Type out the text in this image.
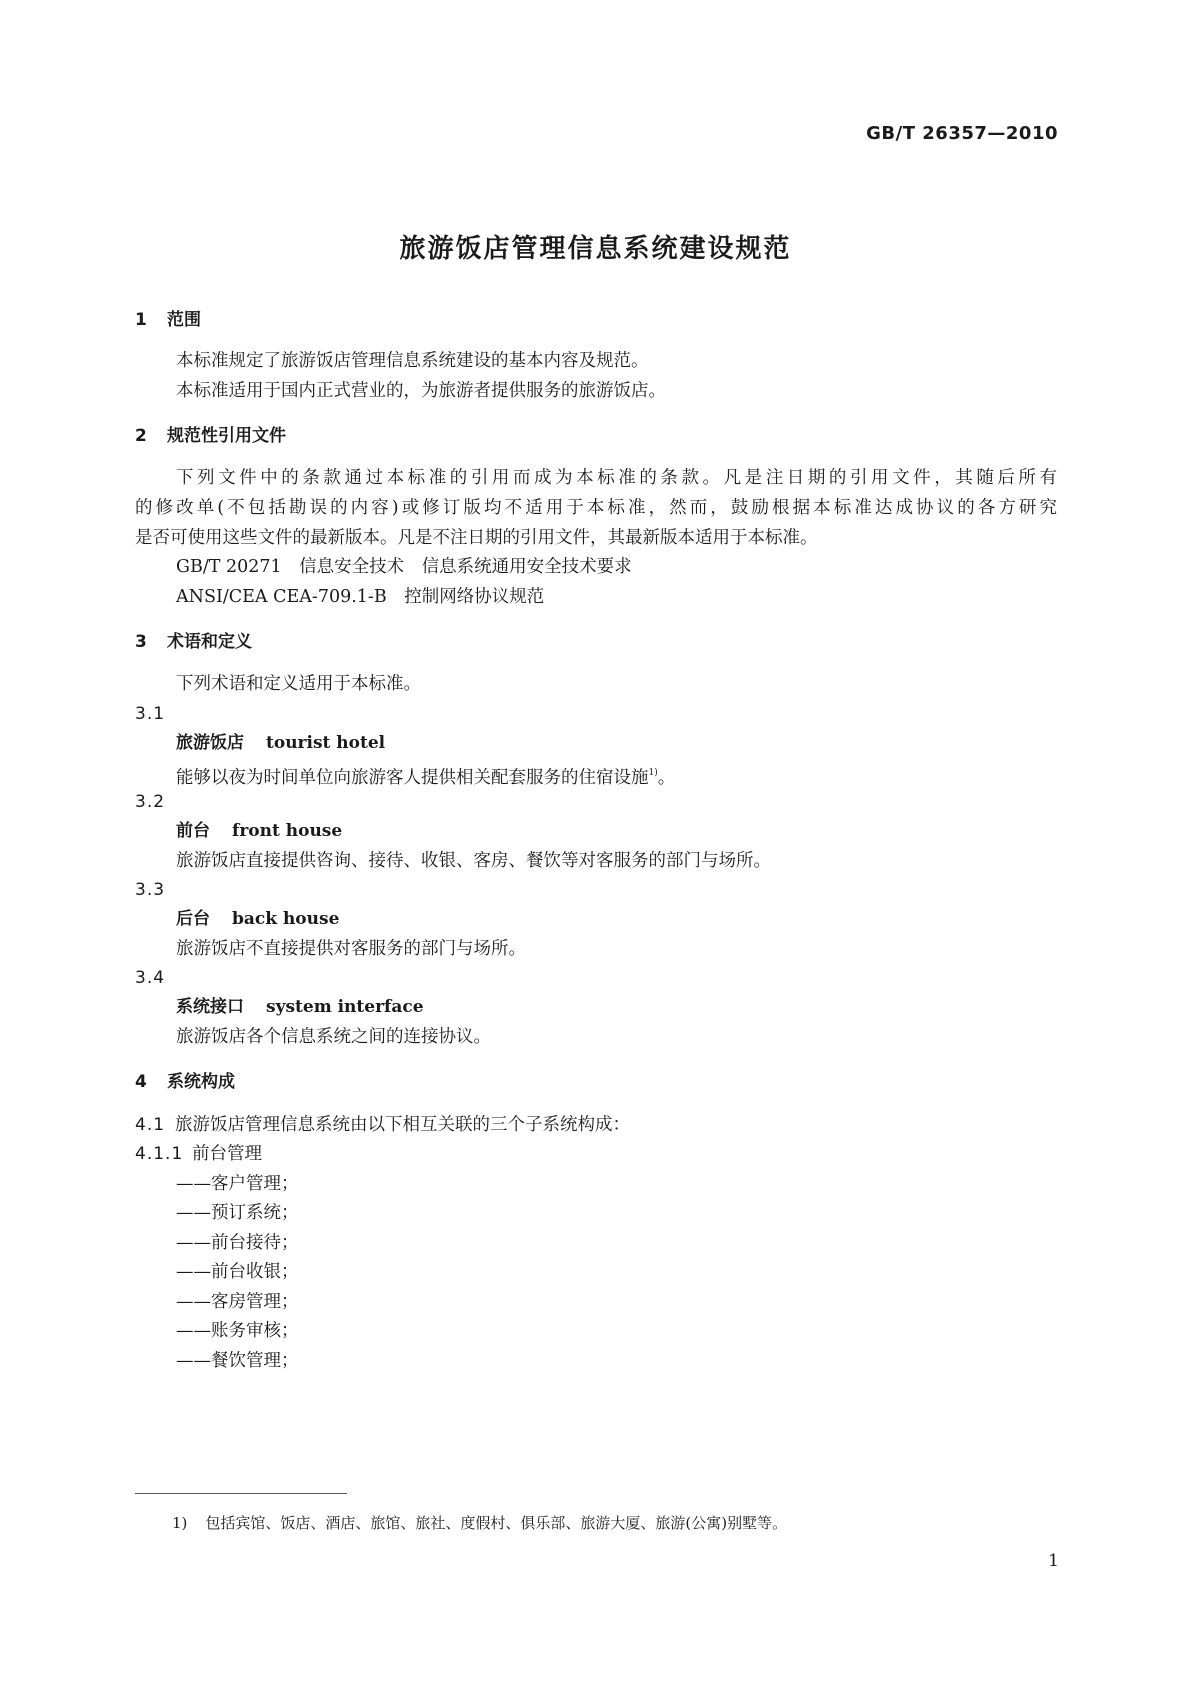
GB/T 26357—2010
旅游饭店管理信息系统建设规范
1 范围
本标准规定了旅游饭店管理信息系统建设的基本内容及规范。
本标准适用于国内正式营业的，为旅游者提供服务的旅游饭店。
2 规范性引用文件
下列文件中的条款通过本标准的引用而成为本标准的条款。凡是注日期的引用文件，其随后所有
的修改单(不包括勘误的内容)或修订版均不适用于本标准，然而，鼓励根据本标准达成协议的各方研究
是否可使用这些文件的最新版本。凡是不注日期的引用文件，其最新版本适用于本标准。
GB/T 20271　信息安全技术　信息系统通用安全技术要求
ANSI/CEA CEA-709.1-B　控制网络协议规范
3 术语和定义
下列术语和定义适用于本标准。
3.1
旅游饭店 tourist hotel
能够以夜为时间单位向旅游客人提供相关配套服务的住宿设施$^{1)}$。
3.2
前台 front house
旅游饭店直接提供咨询、接待、收银、客房、餐饮等对客服务的部门与场所。
3.3
后台 back house
旅游饭店不直接提供对客服务的部门与场所。
3.4
系统接口 system interface
旅游饭店各个信息系统之间的连接协议。
4 系统构成
4.1 旅游饭店管理信息系统由以下相互关联的三个子系统构成：
4.1.1 前台管理
——客户管理；
——预订系统；
——前台接待；
——前台收银；
——客房管理；
——账务审核；
——餐饮管理；
1) 包括宾馆、饭店、酒店、旅馆、旅社、度假村、俱乐部、旅游大厦、旅游(公寓)别墅等。
1
